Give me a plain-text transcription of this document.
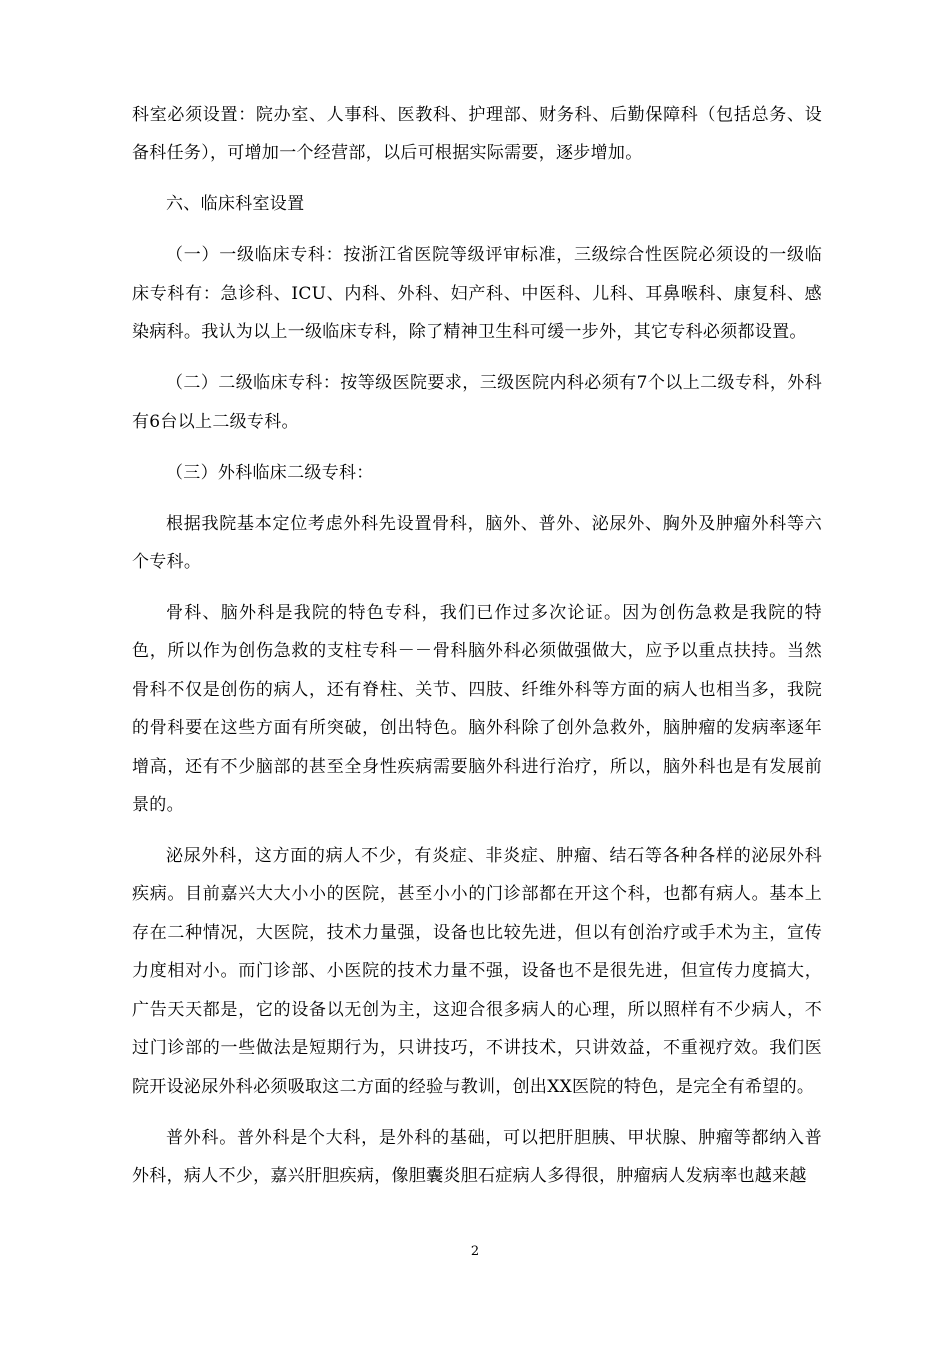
科室必须设置：院办室、人事科、医教科、护理部、财务科、后勤保障科（包括总务、设备科任务），可增加一个经营部，以后可根据实际需要，逐步增加。

六、临床科室设置

（一）一级临床专科：按浙江省医院等级评审标准，三级综合性医院必须设的一级临床专科有：急诊科、ICU、内科、外科、妇产科、中医科、儿科、耳鼻喉科、康复科、感染病科。我认为以上一级临床专科，除了精神卫生科可缓一步外，其它专科必须都设置。

（二）二级临床专科：按等级医院要求，三级医院内科必须有7个以上二级专科，外科有6台以上二级专科。

（三）外科临床二级专科：

根据我院基本定位考虑外科先设置骨科，脑外、普外、泌尿外、胸外及肿瘤外科等六个专科。

骨科、脑外科是我院的特色专科，我们已作过多次论证。因为创伤急救是我院的特色，所以作为创伤急救的支柱专科－－骨科脑外科必须做强做大，应予以重点扶持。当然骨科不仅是创伤的病人，还有脊柱、关节、四肢、纤维外科等方面的病人也相当多，我院的骨科要在这些方面有所突破，创出特色。脑外科除了创外急救外，脑肿瘤的发病率逐年增高，还有不少脑部的甚至全身性疾病需要脑外科进行治疗，所以，脑外科也是有发展前景的。

泌尿外科，这方面的病人不少，有炎症、非炎症、肿瘤、结石等各种各样的泌尿外科疾病。目前嘉兴大大小小的医院，甚至小小的门诊部都在开这个科，也都有病人。基本上存在二种情况，大医院，技术力量强，设备也比较先进，但以有创治疗或手术为主，宣传力度相对小。而门诊部、小医院的技术力量不强，设备也不是很先进，但宣传力度搞大，广告天天都是，它的设备以无创为主，这迎合很多病人的心理，所以照样有不少病人，不过门诊部的一些做法是短期行为，只讲技巧，不讲技术，只讲效益，不重视疗效。我们医院开设泌尿外科必须吸取这二方面的经验与教训，创出XX医院的特色，是完全有希望的。

普外科。普外科是个大科，是外科的基础，可以把肝胆胰、甲状腺、肿瘤等都纳入普外科，病人不少，嘉兴肝胆疾病，像胆囊炎胆石症病人多得很，肿瘤病人发病率也越来越

2
